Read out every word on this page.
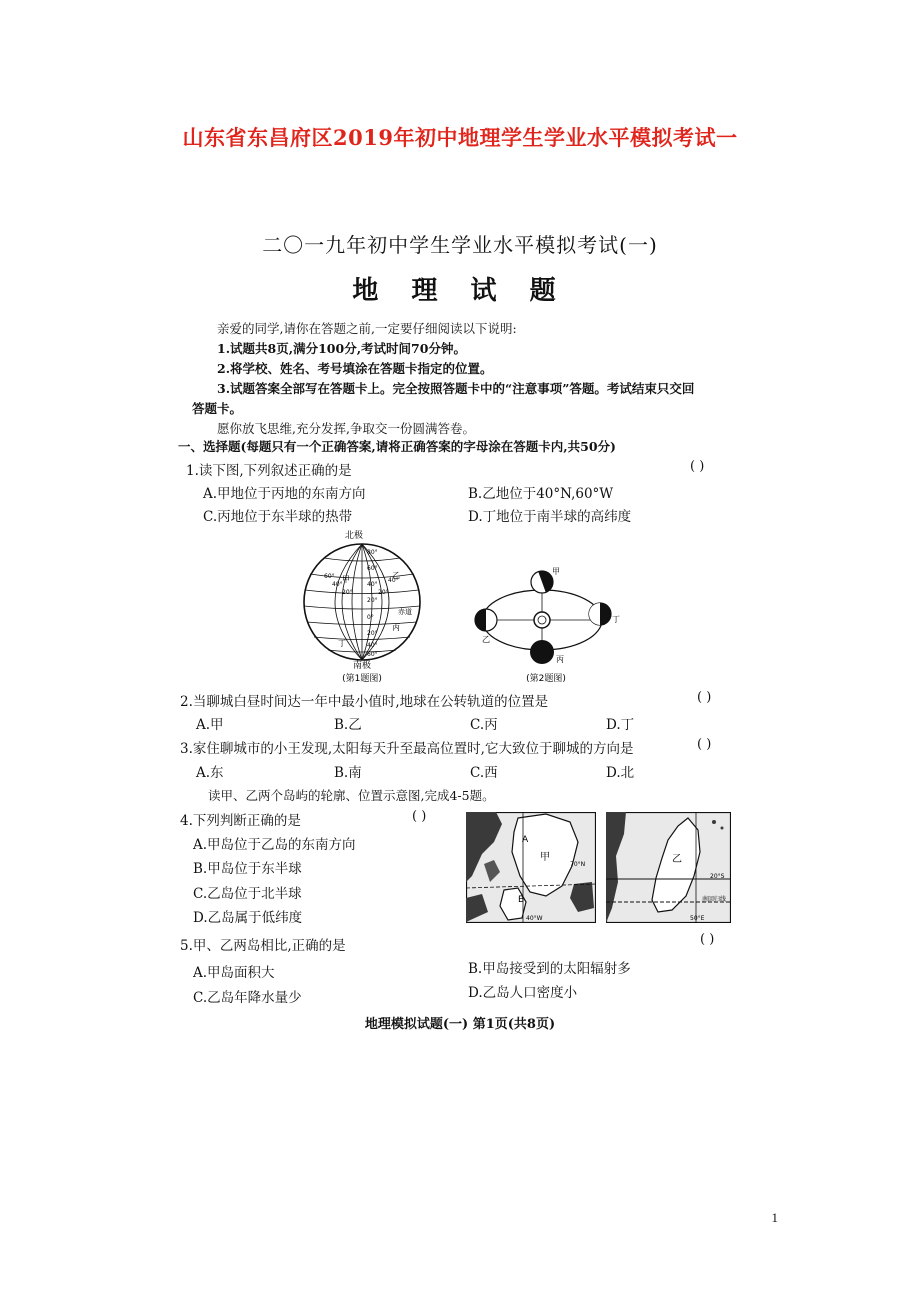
山东省东昌府区2019年初中地理学生学业水平模拟考试一
二〇一九年初中学生学业水平模拟考试(一)
地 理 试 题
亲爱的同学,请你在答题之前,一定要仔细阅读以下说明:
1.试题共8页,满分100分,考试时间70分钟。
2.将学校、姓名、考号填涂在答题卡指定的位置。
3.试题答案全部写在答题卡上。完全按照答题卡中的“注意事项”答题。考试结束只交回
答题卡。
愿你放飞思维,充分发挥,争取交一份圆满答卷。
一、选择题(每题只有一个正确答案,请将正确答案的字母涂在答题卡内,共50分)
1.读下图,下列叙述正确的是	( )
A.甲地位于丙地的东南方向	B.乙地位于40°N,60°W
C.丙地位于东半球的热带	D.丁地位于南半球的高纬度
北极
60°
40°
20°	20°
40°
80°
60°
40°
20°
0°
20°
40°
60°
甲	乙
丙
丁
赤道
南极
(第1题图)
甲
乙
丙
丁
(第2题图)
2.当聊城白昼时间达一年中最小值时,地球在公转轨道的位置是	( )
A.甲	B.乙	C.丙	D.丁
3.家住聊城市的小王发现,太阳每天升至最高位置时,它大致位于聊城的方向是	( )
A.东	B.南	C.西	D.北
读甲、乙两个岛屿的轮廓、位置示意图,完成4-5题。
4.下列判断正确的是	( )
A.甲岛位于乙岛的东南方向
B.甲岛位于东半球
C.乙岛位于北半球
D.乙岛属于低纬度
A
甲
B
70°N
40°W
乙
20°S
南回归线
50°E
5.甲、乙两岛相比,正确的是	( )
A.甲岛面积大	B.甲岛接受到的太阳辐射多
C.乙岛年降水量少	D.乙岛人口密度小
地理模拟试题(一) 第1页(共8页)
1
